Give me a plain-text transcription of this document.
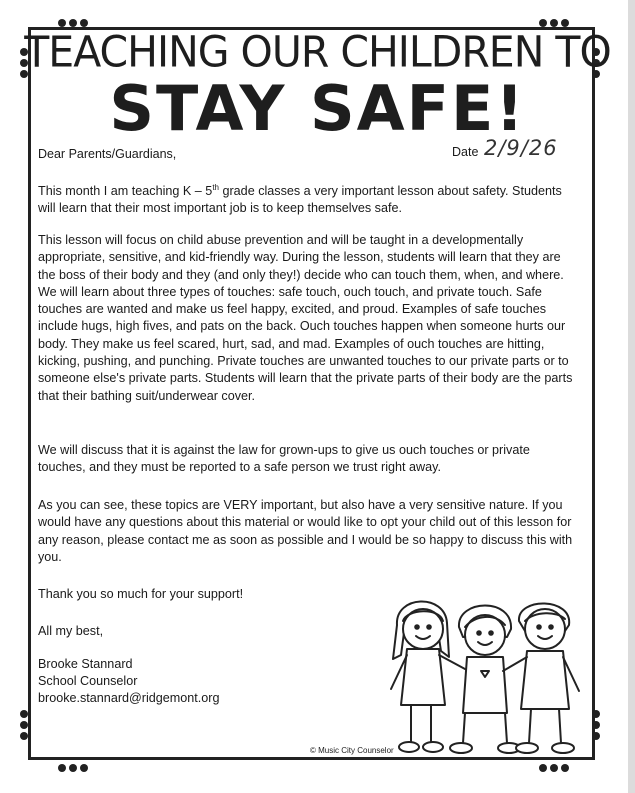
TEACHING OUR CHILDREN TO
STAY SAFE!
Dear Parents/Guardians,	Date 2/9/26

This month I am teaching K – 5th grade classes a very important lesson about safety. Students will learn that their most important job is to keep themselves safe.

This lesson will focus on child abuse prevention and will be taught in a developmentally appropriate, sensitive, and kid-friendly way. During the lesson, students will learn that they are the boss of their body and they (and only they!) decide who can touch them, when, and where. We will learn about three types of touches: safe touch, ouch touch, and private touch. Safe touches are wanted and make us feel happy, excited, and proud. Examples of safe touches include hugs, high fives, and pats on the back. Ouch touches happen when someone hurts our body. They make us feel scared, hurt, sad, and mad. Examples of ouch touches are hitting, kicking, pushing, and punching. Private touches are unwanted touches to our private parts or to someone else's private parts. Students will learn that the private parts of their body are the parts that their bathing suit/underwear cover.

We will discuss that it is against the law for grown-ups to give us ouch touches or private touches, and they must be reported to a safe person we trust right away.

As you can see, these topics are VERY important, but also have a very sensitive nature. If you would have any questions about this material or would like to opt your child out of this lesson for any reason, please contact me as soon as possible and I would be so happy to discuss this with you.

Thank you so much for your support!

All my best,

Brooke Stannard

School Counselor

brooke.stannard@ridgemont.org

© Music City Counselor
